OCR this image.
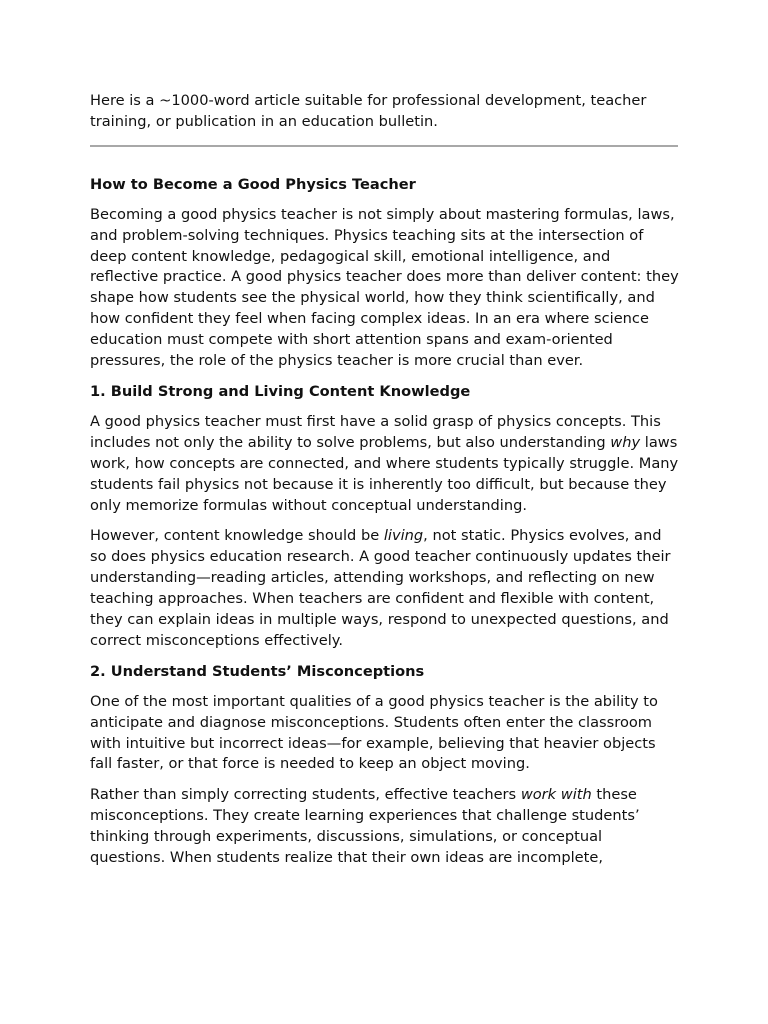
Here is a ~1000-word article suitable for professional development, teacher training, or publication in an education bulletin.

How to Become a Good Physics Teacher

Becoming a good physics teacher is not simply about mastering formulas, laws, and problem-solving techniques. Physics teaching sits at the intersection of deep content knowledge, pedagogical skill, emotional intelligence, and reflective practice. A good physics teacher does more than deliver content: they shape how students see the physical world, how they think scientifically, and how confident they feel when facing complex ideas. In an era where science education must compete with short attention spans and exam-oriented pressures, the role of the physics teacher is more crucial than ever.

1. Build Strong and Living Content Knowledge

A good physics teacher must first have a solid grasp of physics concepts. This includes not only the ability to solve problems, but also understanding why laws work, how concepts are connected, and where students typically struggle. Many students fail physics not because it is inherently too difficult, but because they only memorize formulas without conceptual understanding.

However, content knowledge should be living, not static. Physics evolves, and so does physics education research. A good teacher continuously updates their understanding—reading articles, attending workshops, and reflecting on new teaching approaches. When teachers are confident and flexible with content, they can explain ideas in multiple ways, respond to unexpected questions, and correct misconceptions effectively.

2. Understand Students’ Misconceptions

One of the most important qualities of a good physics teacher is the ability to anticipate and diagnose misconceptions. Students often enter the classroom with intuitive but incorrect ideas—for example, believing that heavier objects fall faster, or that force is needed to keep an object moving.

Rather than simply correcting students, effective teachers work with these misconceptions. They create learning experiences that challenge students’ thinking through experiments, discussions, simulations, or conceptual questions. When students realize that their own ideas are incomplete,
